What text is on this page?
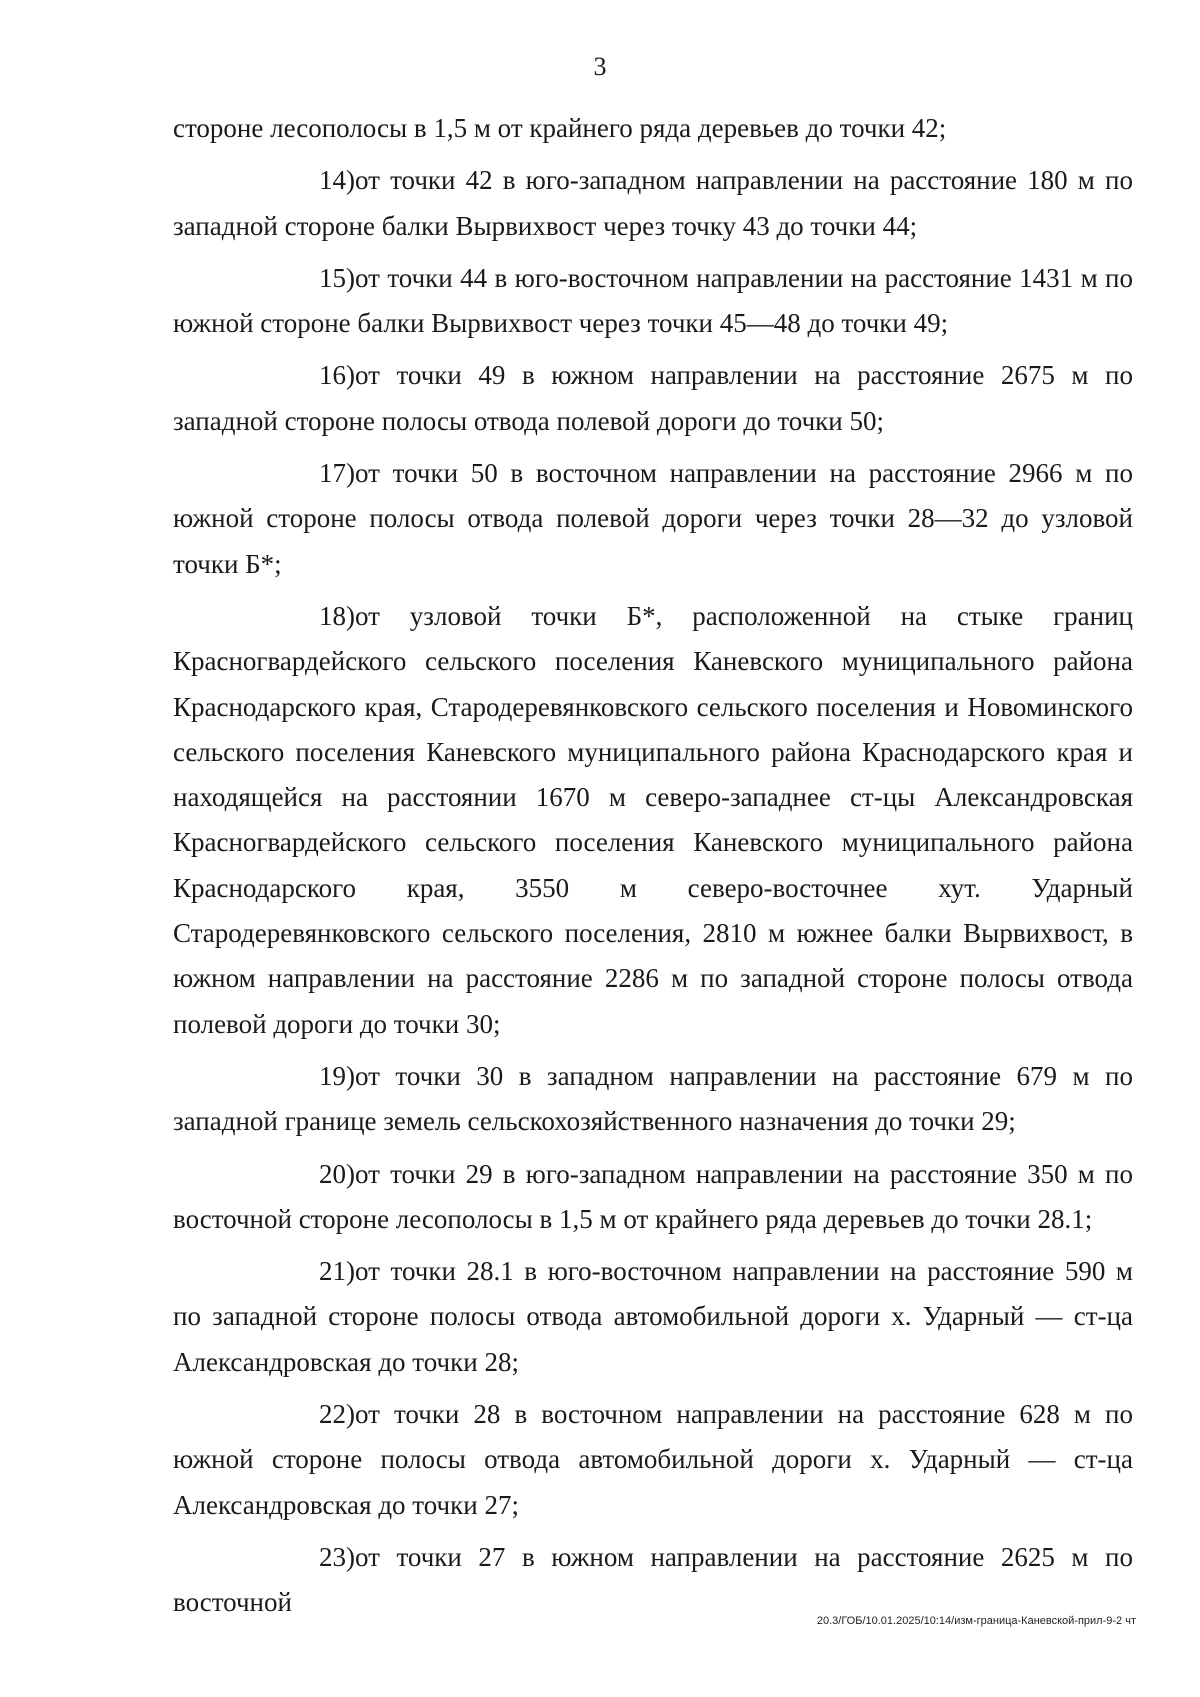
3

стороне лесополосы в 1,5 м от крайнего ряда деревьев до точки 42;

14)от точки 42 в юго-западном направлении на расстояние 180 м по западной стороне балки Вырвихвост через точку 43 до точки 44;

15)от точки 44 в юго-восточном направлении на расстояние 1431 м по южной стороне балки Вырвихвост через точки 45—48 до точки 49;

16)от точки 49 в южном направлении на расстояние 2675 м по западной стороне полосы отвода полевой дороги до точки 50;

17)от точки 50 в восточном направлении на расстояние 2966 м по южной стороне полосы отвода полевой дороги через точки 28—32 до узловой точки Б*;

18)от узловой точки Б*, расположенной на стыке границ Красногвардейского сельского поселения Каневского муниципального района Краснодарского края, Стародеревянковского сельского поселения и Новоминского сельского поселения Каневского муниципального района Краснодарского края и находящейся на расстоянии 1670 м северо-западнее ст-цы Александровская Красногвардейского сельского поселения Каневского муниципального района Краснодарского края, 3550 м северо-восточнее хут. Ударный Стародеревянковского сельского поселения, 2810 м южнее балки Вырвихвост, в южном направлении на расстояние 2286 м по западной стороне полосы отвода полевой дороги до точки 30;

19)от точки 30 в западном направлении на расстояние 679 м по западной границе земель сельскохозяйственного назначения до точки 29;

20)от точки 29 в юго-западном направлении на расстояние 350 м по восточной стороне лесополосы в 1,5 м от крайнего ряда деревьев до точки 28.1;

21)от точки 28.1 в юго-восточном направлении на расстояние 590 м по западной стороне полосы отвода автомобильной дороги х. Ударный — ст-ца Александровская до точки 28;

22)от точки 28 в восточном направлении на расстояние 628 м по южной стороне полосы отвода автомобильной дороги х. Ударный — ст-ца Александровская до точки 27;

23)от точки 27 в южном направлении на расстояние 2625 м по восточной

20.3/ГОБ/10.01.2025/10:14/изм-граница-Каневской-прил-9-2 чт
